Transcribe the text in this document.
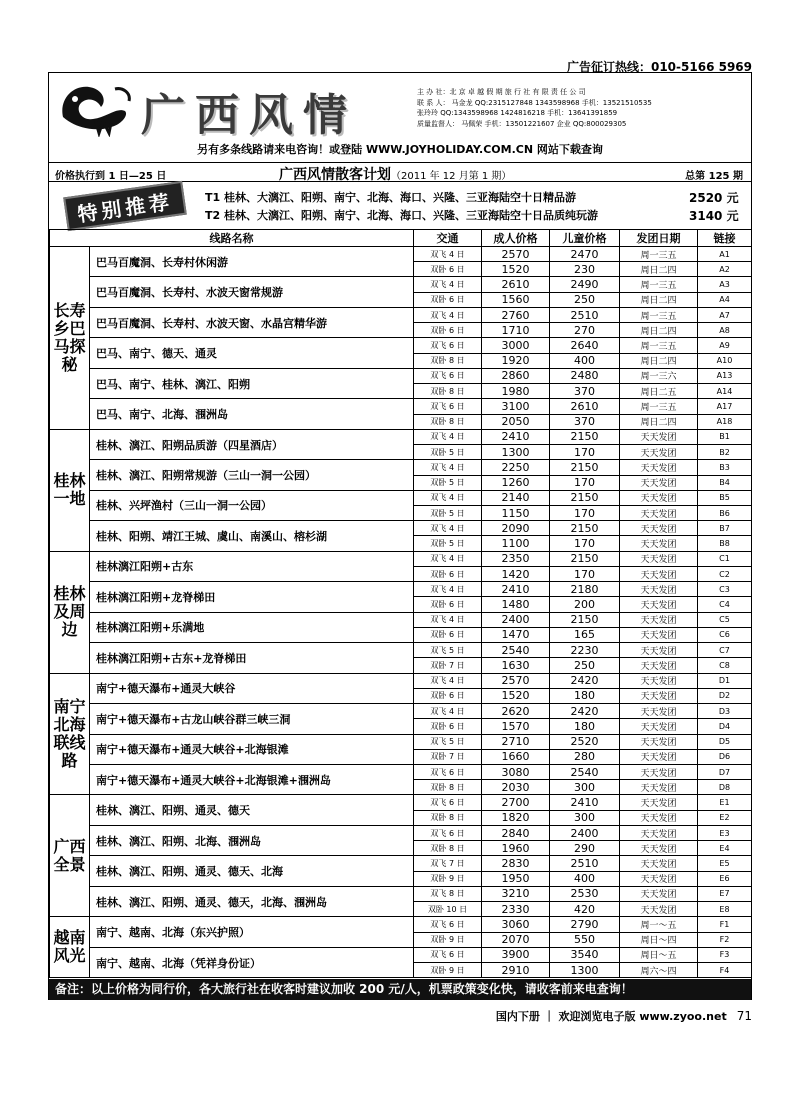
广告征订热线：010-5166 5969
广西风情	主 办 社：北 京 卓 越 假 期 旅 行 社 有 限 责 任 公 司
联 系 人： 马金龙 QQ:2315127848 1343598968 手机：13521510535
张玲玲 QQ:1343598968 1424816218 手机：13641391859
质量监督人： 马佩荣 手机：13501221607 企业 QQ:800029305
另有多条线路请来电咨询！或登陆 WWW.JOYHOLIDAY.COM.CN 网站下载查询
价格执行到 1 日—25 日	广西风情散客计划（2011 年 12 月第 1 期）	总第 125 期
特别推荐	T1 桂林、大漓江、阳朔、南宁、北海、海口、兴隆、三亚海陆空十日精品游	2520 元
T2 桂林、大漓江、阳朔、南宁、北海、海口、兴隆、三亚海陆空十日品质纯玩游	3140 元
线路名称		交通	成人价格	儿童价格	发团日期	链接
长寿乡巴马探秘	巴马百魔洞、长寿村休闲游	双飞 4 日	2570	2470	周一三五	A1
		双卧 6 日	1520	230	周日二四	A2
	巴马百魔洞、长寿村、水波天窗常规游	双飞 4 日	2610	2490	周一三五	A3
		双卧 6 日	1560	250	周日二四	A4
	巴马百魔洞、长寿村、水波天窗、水晶宫精华游	双飞 4 日	2760	2510	周一三五	A7
		双卧 6 日	1710	270	周日二四	A8
	巴马、南宁、德天、通灵	双飞 6 日	3000	2640	周一三五	A9
		双卧 8 日	1920	400	周日二四	A10
	巴马、南宁、桂林、漓江、阳朔	双飞 6 日	2860	2480	周一三六	A13
		双卧 8 日	1980	370	周日二五	A14
	巴马、南宁、北海、涠洲岛	双飞 6 日	3100	2610	周一三五	A17
		双卧 8 日	2050	370	周日二四	A18
桂林一地	桂林、漓江、阳朔品质游（四星酒店）	双飞 4 日	2410	2150	天天发团	B1
		双卧 5 日	1300	170	天天发团	B2
	桂林、漓江、阳朔常规游（三山一洞一公园）	双飞 4 日	2250	2150	天天发团	B3
		双卧 5 日	1260	170	天天发团	B4
	桂林、兴坪渔村（三山一洞一公园）	双飞 4 日	2140	2150	天天发团	B5
		双卧 5 日	1150	170	天天发团	B6
	桂林、阳朔、靖江王城、虞山、南溪山、榕杉湖	双飞 4 日	2090	2150	天天发团	B7
		双卧 5 日	1100	170	天天发团	B8
桂林及周边	桂林漓江阳朔+古东	双飞 4 日	2350	2150	天天发团	C1
		双卧 6 日	1420	170	天天发团	C2
	桂林漓江阳朔+龙脊梯田	双飞 4 日	2410	2180	天天发团	C3
		双卧 6 日	1480	200	天天发团	C4
	桂林漓江阳朔+乐满地	双飞 4 日	2400	2150	天天发团	C5
		双卧 6 日	1470	165	天天发团	C6
	桂林漓江阳朔+古东+龙脊梯田	双飞 5 日	2540	2230	天天发团	C7
		双卧 7 日	1630	250	天天发团	C8
南宁北海联线路	南宁+德天瀑布+通灵大峡谷	双飞 4 日	2570	2420	天天发团	D1
		双卧 6 日	1520	180	天天发团	D2
	南宁+德天瀑布+古龙山峡谷群三峡三洞	双飞 4 日	2620	2420	天天发团	D3
		双卧 6 日	1570	180	天天发团	D4
	南宁+德天瀑布+通灵大峡谷+北海银滩	双飞 5 日	2710	2520	天天发团	D5
		双卧 7 日	1660	280	天天发团	D6
	南宁+德天瀑布+通灵大峡谷+北海银滩+涠洲岛	双飞 6 日	3080	2540	天天发团	D7
		双卧 8 日	2030	300	天天发团	D8
广西全景	桂林、漓江、阳朔、通灵、德天	双飞 6 日	2700	2410	天天发团	E1
		双卧 8 日	1820	300	天天发团	E2
	桂林、漓江、阳朔、北海、涠洲岛	双飞 6 日	2840	2400	天天发团	E3
		双卧 8 日	1960	290	天天发团	E4
	桂林、漓江、阳朔、通灵、德天、北海	双飞 7 日	2830	2510	天天发团	E5
		双卧 9 日	1950	400	天天发团	E6
	桂林、漓江、阳朔、通灵、德天，北海、涠洲岛	双飞 8 日	3210	2530	天天发团	E7
		双卧 10 日	2330	420	天天发团	E8
越南风光	南宁、越南、北海（东兴护照）	双飞 6 日	3060	2790	周一～五	F1
		双卧 9 日	2070	550	周日～四	F2
	南宁、越南、北海（凭祥身份证）	双飞 6 日	3900	3540	周日～五	F3
		双卧 9 日	2910	1300	周六～四	F4
备注：以上价格为同行价，各大旅行社在收客时建议加收 200 元/人，机票政策变化快，请收客前来电查询！
国内下册 ｜ 欢迎浏览电子版 www.zyoo.net 71
